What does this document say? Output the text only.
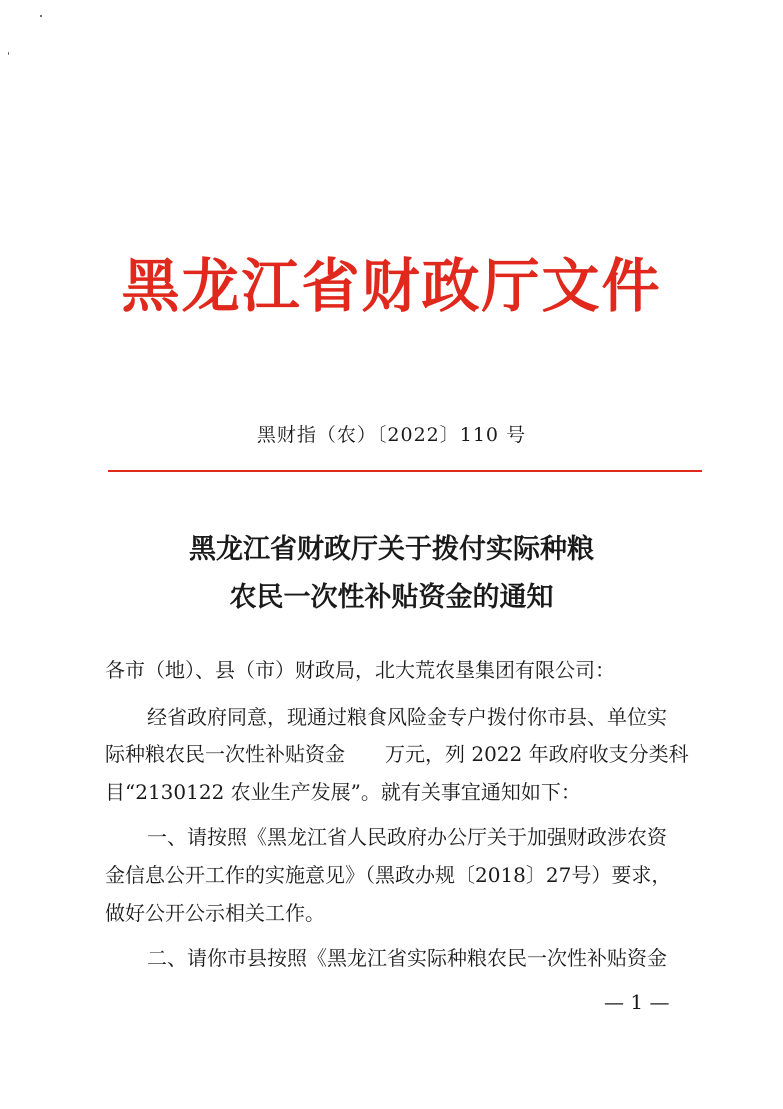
黑龙江省财政厅文件
黑财指（农）〔2022〕110 号
黑龙江省财政厅关于拨付实际种粮
农民一次性补贴资金的通知
各市（地）、县（市）财政局，北大荒农垦集团有限公司：
经省政府同意，现通过粮食风险金专户拨付你市县、单位实
际种粮农民一次性补贴资金　　万元，列 2022 年政府收支分类科
目“2130122 农业生产发展”。就有关事宜通知如下：
一、请按照《黑龙江省人民政府办公厅关于加强财政涉农资
金信息公开工作的实施意见》（黑政办规〔2018〕27号）要求，
做好公开公示相关工作。
二、请你市县按照《黑龙江省实际种粮农民一次性补贴资金
— 1 —
